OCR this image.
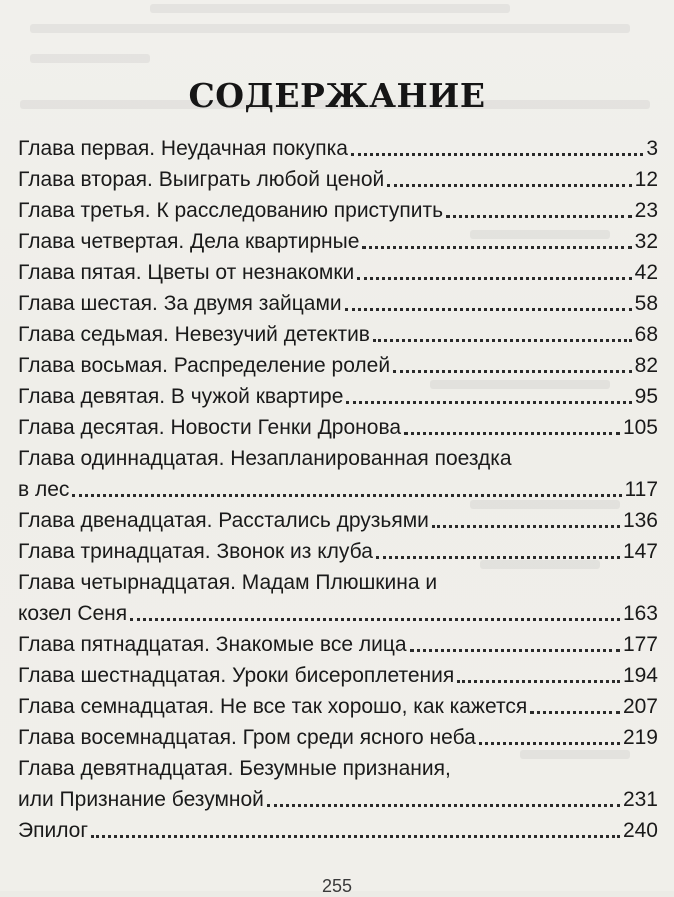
СОДЕРЖАНИЕ
Глава первая. Неудачная покупка	3
Глава вторая. Выиграть любой ценой	12
Глава третья. К расследованию приступить	23
Глава четвертая. Дела квартирные	32
Глава пятая. Цветы от незнакомки	42
Глава шестая. За двумя зайцами	58
Глава седьмая. Невезучий детектив	68
Глава восьмая. Распределение ролей	82
Глава девятая. В чужой квартире	95
Глава десятая. Новости Генки Дронова	105
Глава одиннадцатая. Незапланированная поездка
в лес	117
Глава двенадцатая. Расстались друзьями	136
Глава тринадцатая. Звонок из клуба	147
Глава четырнадцатая. Мадам Плюшкина и
козел Сеня	163
Глава пятнадцатая. Знакомые все лица	177
Глава шестнадцатая. Уроки бисероплетения	194
Глава семнадцатая. Не все так хорошо, как кажется	207
Глава восемнадцатая. Гром среди ясного неба	219
Глава девятнадцатая. Безумные признания,
или Признание безумной	231
Эпилог	240
255
